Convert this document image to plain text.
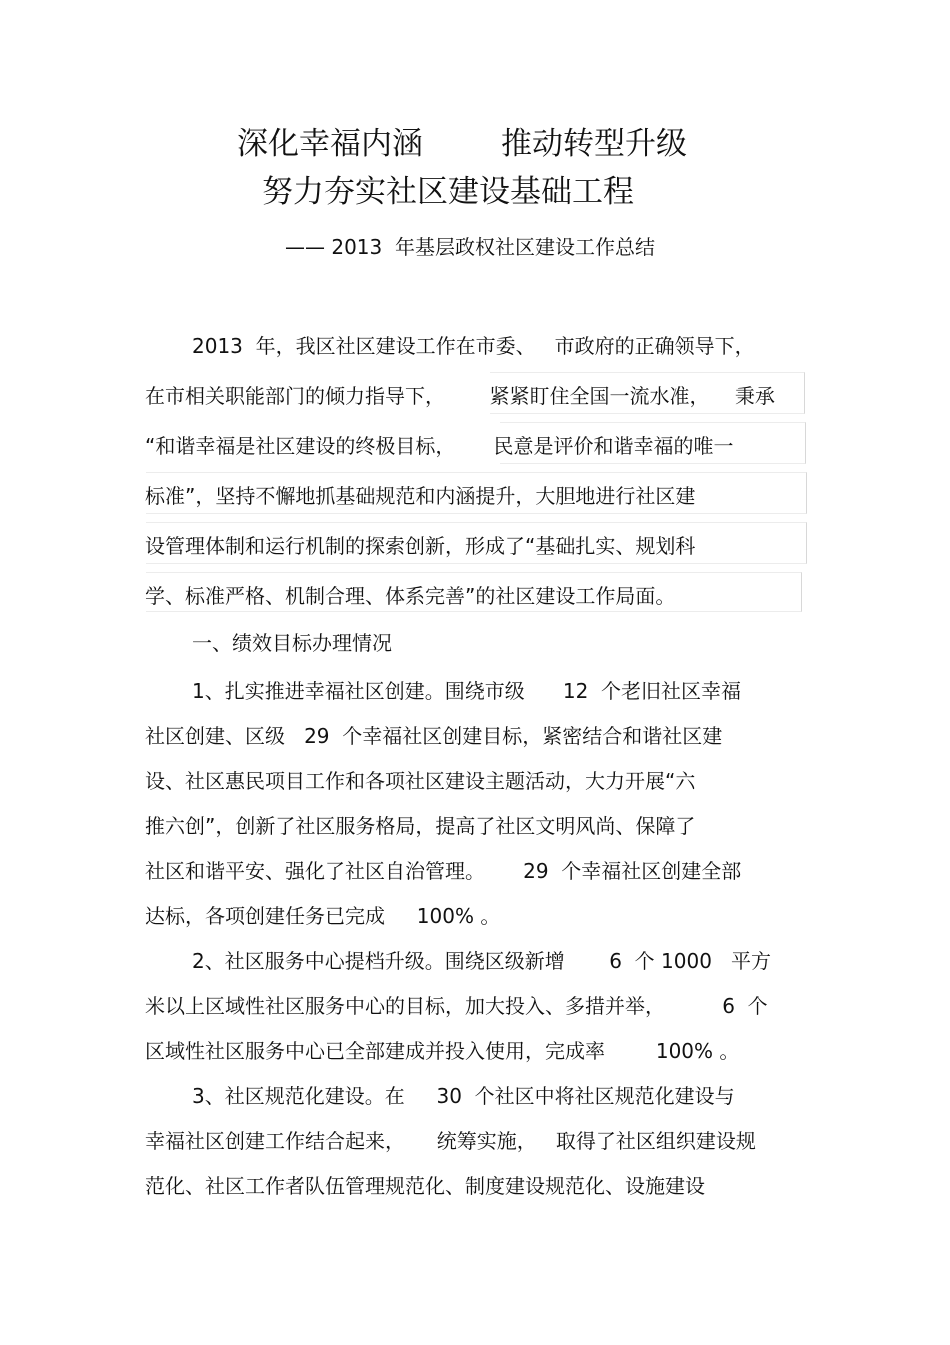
深化幸福内涵	推动转型升级
努力夯实社区建设基础工程
—— 2013  年基层政权社区建设工作总结
2013  年，我区社区建设工作在市委、   市政府的正确领导下，
在市相关职能部门的倾力指导下，       紧紧盯住全国一流水准，    秉承
“和谐幸福是社区建设的终极目标，      民意是评价和谐幸福的唯一
标准”，坚持不懈地抓基础规范和内涵提升，大胆地进行社区建
设管理体制和运行机制的探索创新，形成了“基础扎实、规划科
学、标准严格、机制合理、体系完善”的社区建设工作局面。
一、绩效目标办理情况
1、扎实推进幸福社区创建。围绕市级      12  个老旧社区幸福
社区创建、区级   29  个幸福社区创建目标，紧密结合和谐社区建
设、社区惠民项目工作和各项社区建设主题活动，大力开展“六
推六创”，创新了社区服务格局，提高了社区文明风尚、保障了
社区和谐平安、强化了社区自治管理。      29  个幸福社区创建全部
达标，各项创建任务已完成     100% 。
2、社区服务中心提档升级。围绕区级新增       6  个 1000   平方
米以上区域性社区服务中心的目标，加大投入、多措并举，         6  个
区域性社区服务中心已全部建成并投入使用，完成率        100% 。
3、社区规范化建设。在     30  个社区中将社区规范化建设与
幸福社区创建工作结合起来，     统筹实施，   取得了社区组织建设规
范化、社区工作者队伍管理规范化、制度建设规范化、设施建设
